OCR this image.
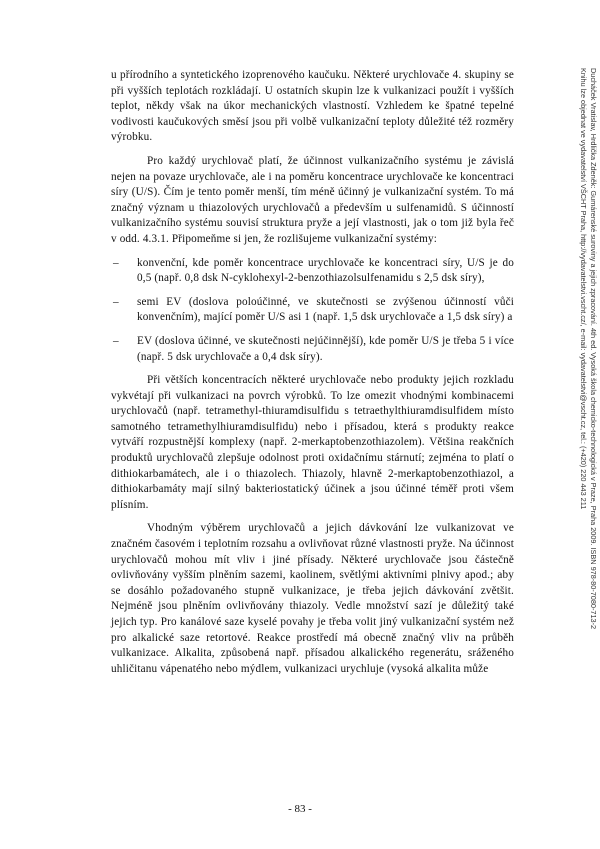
u přírodního a syntetického izoprenového kaučuku. Některé urychlovače 4. skupiny se při vyšších teplotách rozkládají. U ostatních skupin lze k vulkanizaci použít i vyšších teplot, někdy však na úkor mechanických vlastností. Vzhledem ke špatné tepelné vodivosti kaučukových směsí jsou při volbě vulkanizační teploty důležité též rozměry výrobku.

Pro každý urychlovač platí, že účinnost vulkanizačního systému je závislá nejen na povaze urychlovače, ale i na poměru koncentrace urychlovače ke koncentraci síry (U/S). Čím je tento poměr menší, tím méně účinný je vulkanizační systém. To má značný význam u thiazolových urychlovačů a především u sulfenamidů. S účinností vulkanizačního systému souvisí struktura pryže a její vlastnosti, jak o tom již byla řeč v odd. 4.3.1. Připomeňme si jen, že rozlišujeme vulkanizační systémy:

– konvenční, kde poměr koncentrace urychlovače ke koncentraci síry, U/S je do 0,5 (např. 0,8 dsk N-cyklohexyl-2-benzothiazolsulfenamidu s 2,5 dsk síry),
– semi EV (doslova poloúčinné, ve skutečnosti se zvýšenou účinností vůči konvenčním), mající poměr U/S asi 1 (např. 1,5 dsk urychlovače a 1,5 dsk síry) a
– EV (doslova účinné, ve skutečnosti nejúčinnější), kde poměr U/S je třeba 5 i více (např. 5 dsk urychlovače a 0,4 dsk síry).

Při větších koncentracích některé urychlovače nebo produkty jejich rozkladu vykvétají při vulkanizaci na povrch výrobků. To lze omezit vhodnými kombinacemi urychlovačů (např. tetramethyl-thiuramdisulfidu s tetraethylthiuramdisulfidem místo samotného tetramethylhiuramdisulfidu) nebo i přísadou, která s produkty reakce vytváří rozpustnější komplexy (např. 2-merkaptobenzothiazolem). Většina reakčních produktů urychlovačů zlepšuje odolnost proti oxidačnímu stárnutí; zejména to platí o dithiokarbamátech, ale i o thiazolech. Thiazoly, hlavně 2-merkaptobenzothiazol, a dithiokarbamáty mají silný bakteriostatický účinek a jsou účinné téměř proti všem plísním.

Vhodným výběrem urychlovačů a jejich dávkování lze vulkanizovat ve značném časovém i teplotním rozsahu a ovlivňovat různé vlastnosti pryže. Na účinnost urychlovačů mohou mít vliv i jiné přísady. Některé urychlovače jsou částečně ovlivňovány vyšším plněním sazemi, kaolinem, světlými aktivními plnivy apod.; aby se dosáhlo požadovaného stupně vulkanizace, je třeba jejich dávkování zvětšit. Nejméně jsou plněním ovlivňovány thiazoly. Vedle množství sazí je důležitý také jejich typ. Pro kanálové saze kyselé povahy je třeba volit jiný vulkanizační systém než pro alkalické saze retortové. Reakce prostředí má obecně značný vliv na průběh vulkanizace. Alkalita, způsobená např. přísadou alkalického regenerátu, sráženého uhličitanu vápenatého nebo mýdlem, vulkanizaci urychluje (vysoká alkalita může

Ducháček Vratislav, Hrdlička Zdeněk: Gumárenské suroviny a jejich zpracování. 4th ed. Vysoká škola chemicko-technologická v Praze, Praha 2009. ISBN 978-80-7080-713-2
Knihu lze objednat ve vydavatelství VŠCHT Praha, http://vydavatelstvi.vscht.cz/, e-mail: vydavatelstvi@vscht.cz, tel.: (+420) 220 443 211
- 83 -
